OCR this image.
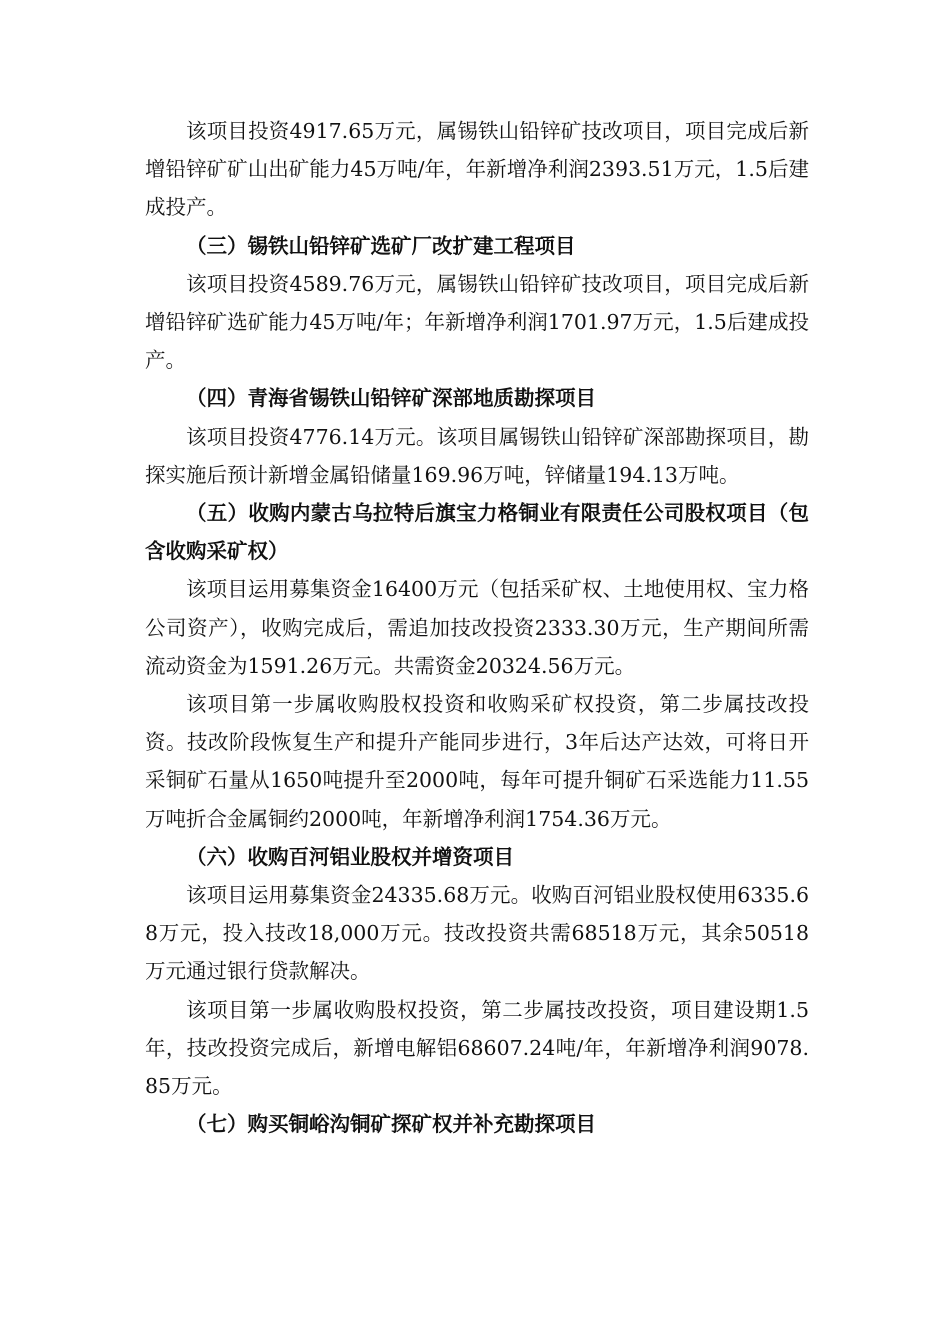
该项目投资4917.65万元，属锡铁山铅锌矿技改项目，项目完成后新增铅锌矿矿山出矿能力45万吨/年，年新增净利润2393.51万元，1.5后建成投产。

（三）锡铁山铅锌矿选矿厂改扩建工程项目

该项目投资4589.76万元，属锡铁山铅锌矿技改项目，项目完成后新增铅锌矿选矿能力45万吨/年；年新增净利润1701.97万元，1.5后建成投产。

（四）青海省锡铁山铅锌矿深部地质勘探项目

该项目投资4776.14万元。该项目属锡铁山铅锌矿深部勘探项目，勘探实施后预计新增金属铅储量169.96万吨，锌储量194.13万吨。

（五）收购内蒙古乌拉特后旗宝力格铜业有限责任公司股权项目（包含收购采矿权）

该项目运用募集资金16400万元（包括采矿权、土地使用权、宝力格公司资产），收购完成后，需追加技改投资2333.30万元，生产期间所需流动资金为1591.26万元。共需资金20324.56万元。

该项目第一步属收购股权投资和收购采矿权投资，第二步属技改投资。技改阶段恢复生产和提升产能同步进行，3年后达产达效，可将日开采铜矿石量从1650吨提升至2000吨，每年可提升铜矿石采选能力11.55万吨折合金属铜约2000吨，年新增净利润1754.36万元。

（六）收购百河铝业股权并增资项目

该项目运用募集资金24335.68万元。收购百河铝业股权使用6335.68万元，投入技改18,000万元。技改投资共需68518万元，其余50518万元通过银行贷款解决。

该项目第一步属收购股权投资，第二步属技改投资，项目建设期1.5年，技改投资完成后，新增电解铝68607.24吨/年，年新增净利润9078.85万元。

（七）购买铜峪沟铜矿探矿权并补充勘探项目
